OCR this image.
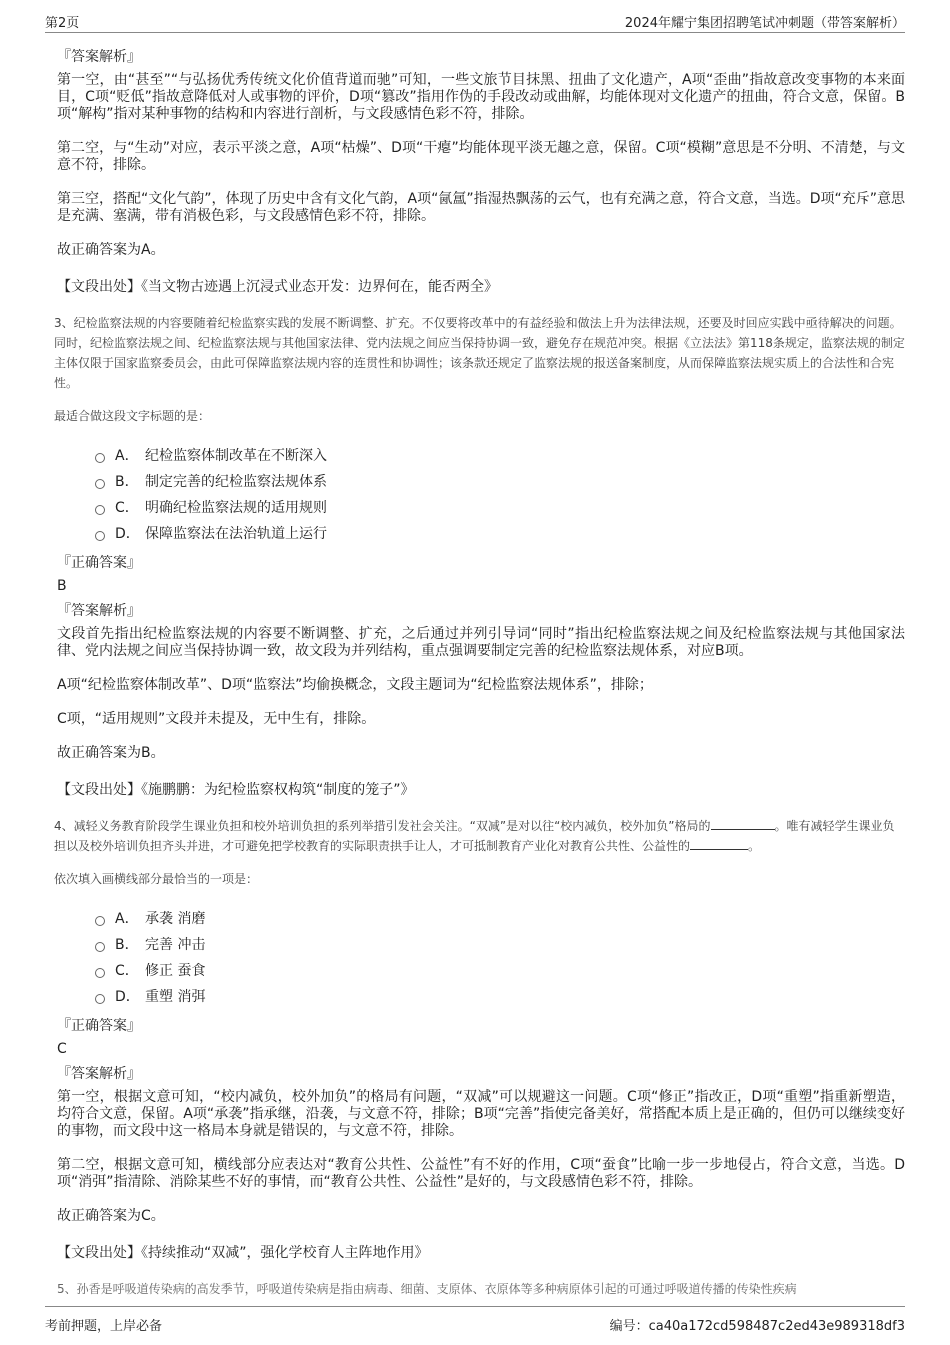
第2页	2024年耀宁集团招聘笔试冲刺题（带答案解析）
『答案解析』

第一空，由“甚至”“与弘扬优秀传统文化价值背道而驰”可知，一些文旅节目抹黑、扭曲了文化遗产，A项“歪曲”指故意改变事物的本来面目，C项“贬低”指故意降低对人或事物的评价，D项“篡改”指用作伪的手段改动或曲解，均能体现对文化遗产的扭曲，符合文意，保留。B项“解构”指对某种事物的结构和内容进行剖析，与文段感情色彩不符，排除。

第二空，与“生动”对应，表示平淡之意，A项“枯燥”、D项“干瘪”均能体现平淡无趣之意，保留。C项“模糊”意思是不分明、不清楚，与文意不符，排除。

第三空，搭配“文化气韵”，体现了历史中含有文化气韵，A项“氤氲”指湿热飘荡的云气，也有充满之意，符合文意，当选。D项“充斥”意思是充满、塞满，带有消极色彩，与文段感情色彩不符，排除。

故正确答案为A。

【文段出处】《当文物古迹遇上沉浸式业态开发：边界何在，能否两全》

3、纪检监察法规的内容要随着纪检监察实践的发展不断调整、扩充。不仅要将改革中的有益经验和做法上升为法律法规，还要及时回应实践中亟待解决的问题。同时，纪检监察法规之间、纪检监察法规与其他国家法律、党内法规之间应当保持协调一致，避免存在规范冲突。根据《立法法》第118条规定，监察法规的制定主体仅限于国家监察委员会，由此可保障监察法规内容的连贯性和协调性；该条款还规定了监察法规的报送备案制度，从而保障监察法规实质上的合法性和合宪性。

最适合做这段文字标题的是：

A． 纪检监察体制改革在不断深入
B． 制定完善的纪检监察法规体系
C． 明确纪检监察法规的适用规则
D． 保障监察法在法治轨道上运行
『正确答案』
B
『答案解析』

文段首先指出纪检监察法规的内容要不断调整、扩充，之后通过并列引导词“同时”指出纪检监察法规之间及纪检监察法规与其他国家法律、党内法规之间应当保持协调一致，故文段为并列结构，重点强调要制定完善的纪检监察法规体系，对应B项。

A项“纪检监察体制改革”、D项“监察法”均偷换概念，文段主题词为“纪检监察法规体系”，排除；

C项，“适用规则”文段并未提及，无中生有，排除。

故正确答案为B。

【文段出处】《施鹏鹏：为纪检监察权构筑“制度的笼子”》

4、减轻义务教育阶段学生课业负担和校外培训负担的系列举措引发社会关注。“双减”是对以往“校内减负，校外加负”格局的	。唯有减轻学生课业负担以及校外培训负担齐头并进，才可避免把学校教育的实际职责拱手让人，才可抵制教育产业化对教育公共性、公益性的	。

依次填入画横线部分最恰当的一项是：

A． 承袭 消磨
B． 完善 冲击
C． 修正 蚕食
D． 重塑 消弭
『正确答案』
C
『答案解析』

第一空，根据文意可知，“校内减负，校外加负”的格局有问题，“双减”可以规避这一问题。C项“修正”指改正，D项“重塑”指重新塑造，均符合文意，保留。A项“承袭”指承继，沿袭，与文意不符，排除；B项“完善”指使完备美好，常搭配本质上是正确的，但仍可以继续变好的事物，而文段中这一格局本身就是错误的，与文意不符，排除。

第二空，根据文意可知，横线部分应表达对“教育公共性、公益性”有不好的作用，C项“蚕食”比喻一步一步地侵占，符合文意，当选。D项“消弭”指清除、消除某些不好的事情，而“教育公共性、公益性”是好的，与文段感情色彩不符，排除。

故正确答案为C。

【文段出处】《持续推动“双减”，强化学校育人主阵地作用》

5、孙香是呼吸道传染病的高发季节，呼吸道传染病是指由病毒、细菌、支原体、衣原体等多种病原体引起的可通过呼吸道传播的传染性疾病
考前押题，上岸必备	编号：ca40a172cd598487c2ed43e989318df3
